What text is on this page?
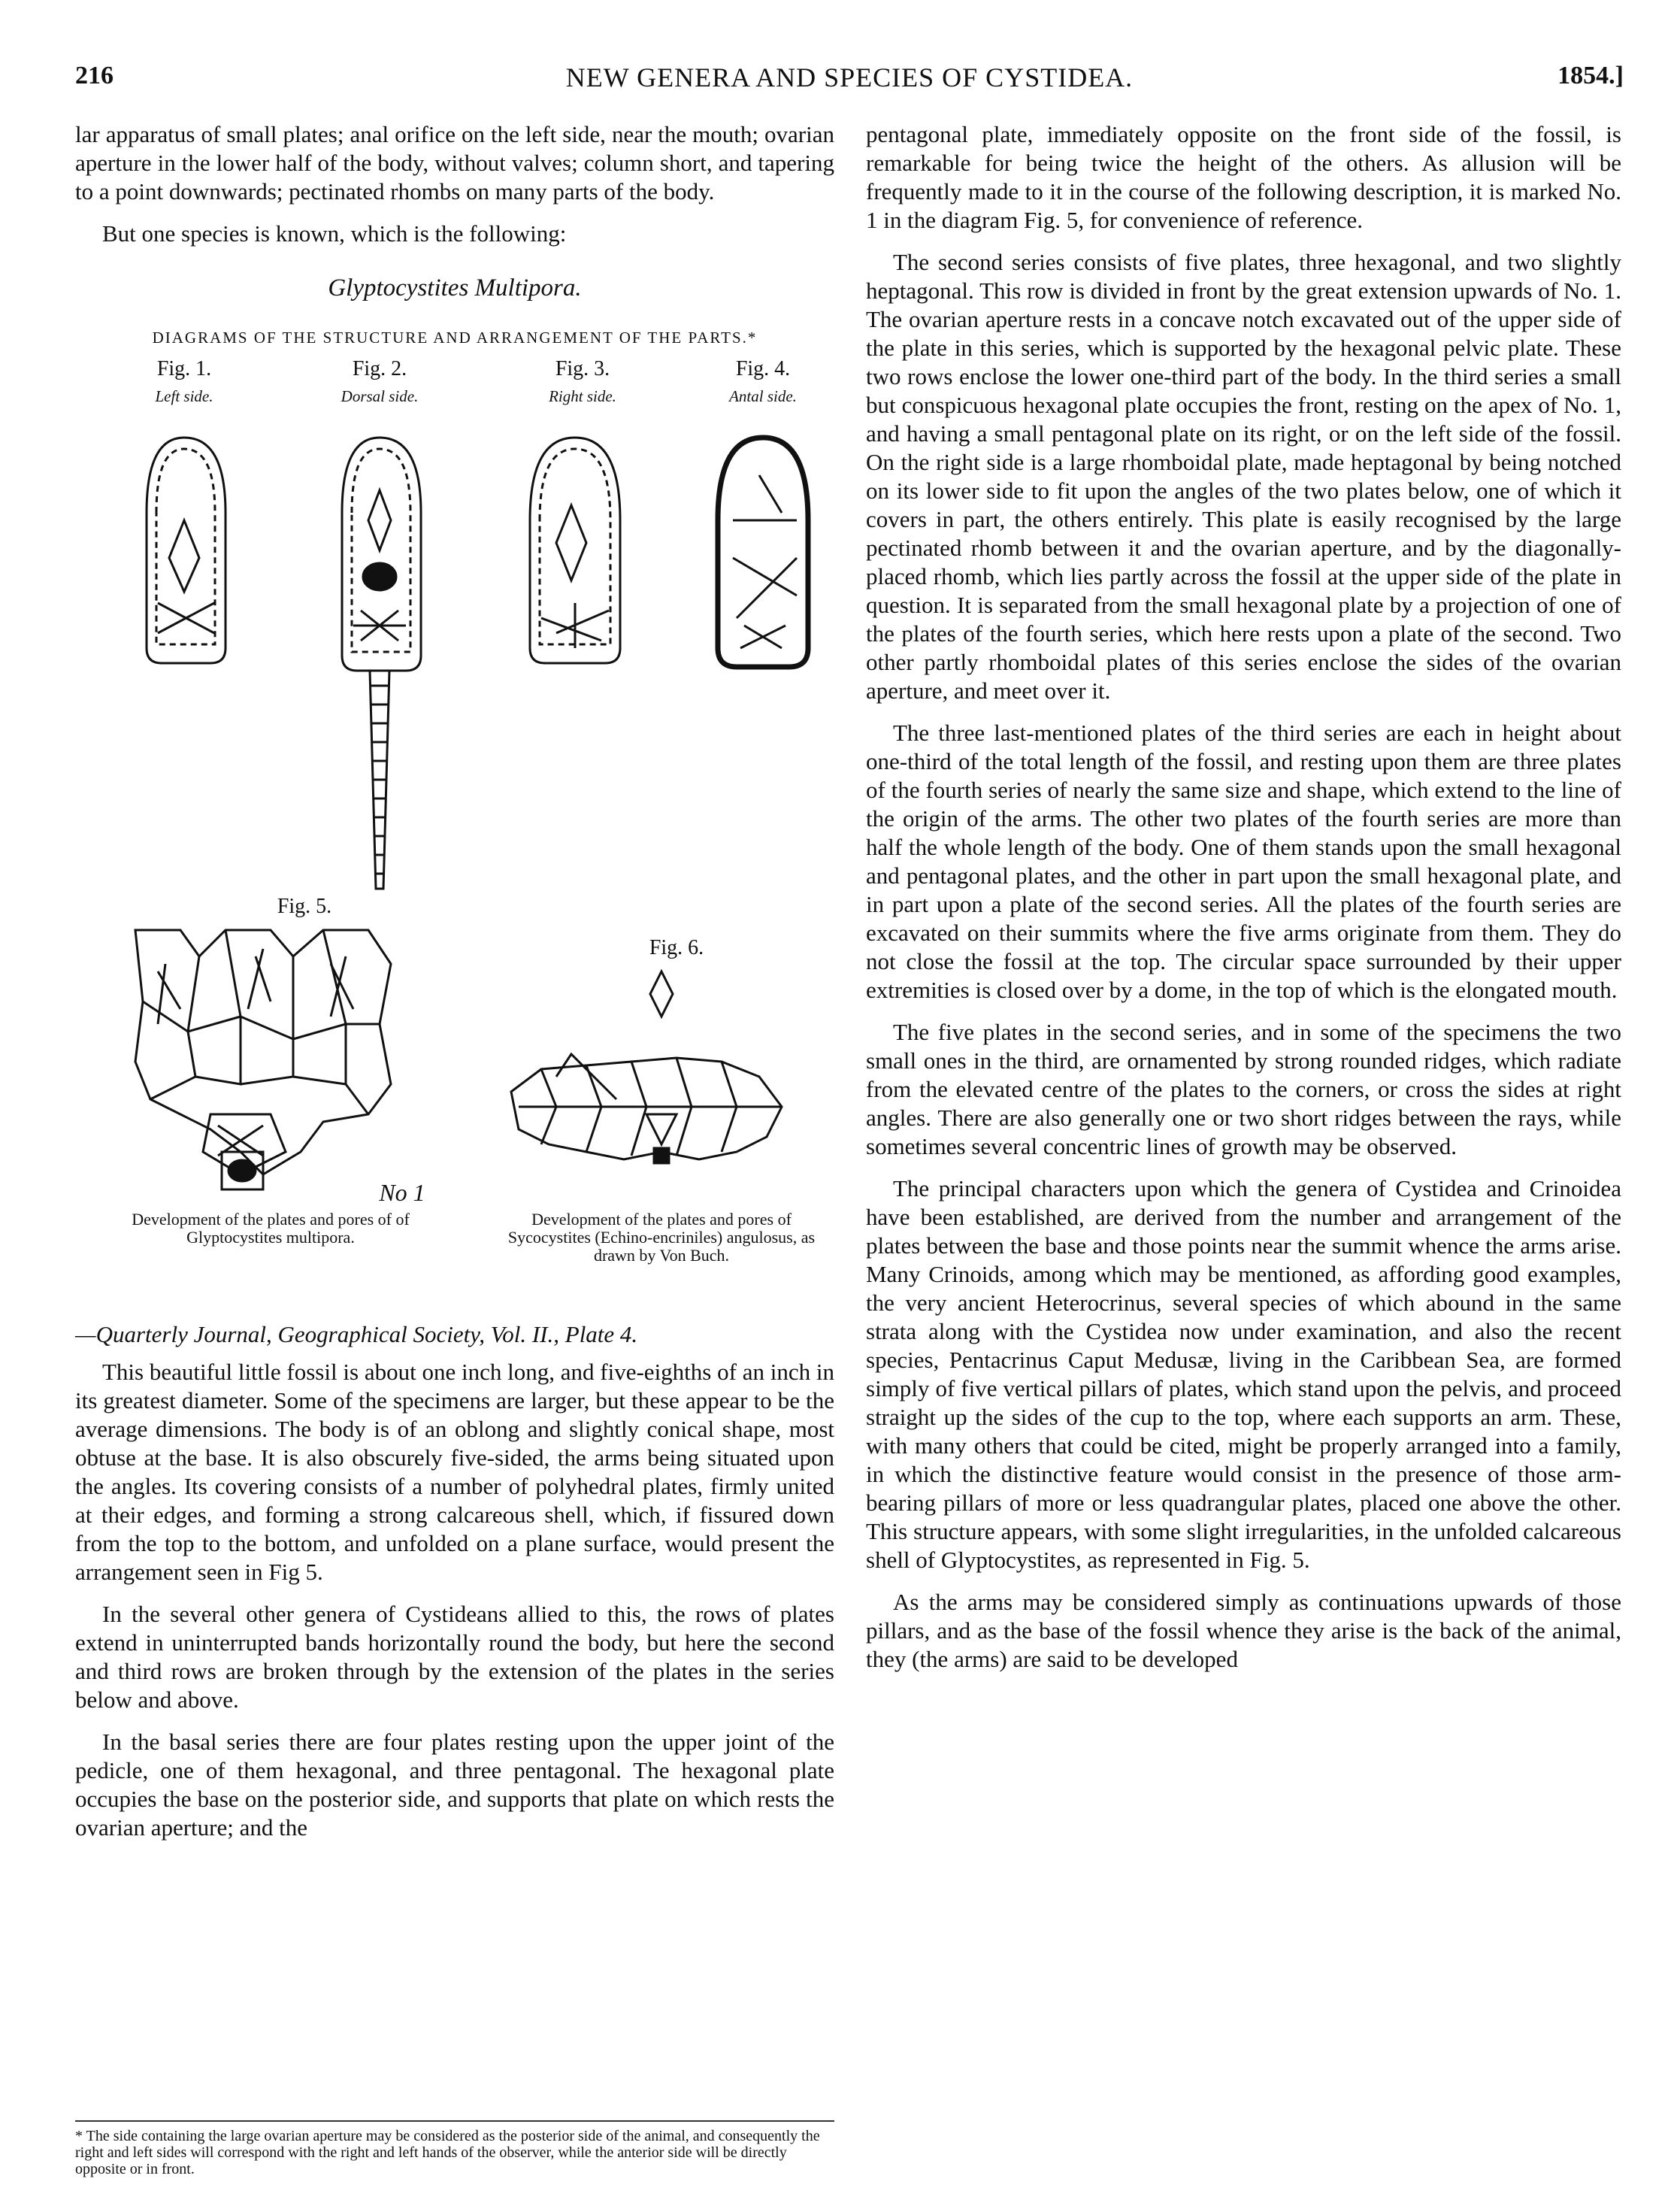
216	NEW GENERA AND SPECIES OF CYSTIDEA.	1854.]

lar apparatus of small plates; anal orifice on the left side, near the mouth; ovarian aperture in the lower half of the body, without valves; column short, and tapering to a point downwards; pectinated rhombs on many parts of the body.

But one species is known, which is the following:

Glyptocystites Multipora.
DIAGRAMS OF THE STRUCTURE AND ARRANGEMENT OF THE PARTS.*
Fig. 1.
Left side.
Fig. 2.
Dorsal side.
Fig. 3.
Right side.
Fig. 4.
Antal side.
Fig. 5.
Fig. 6.
No 1
Development of the plates and pores of of Glyptocystites multipora.
Development of the plates and pores of Sycocystites (Echino-encriniles) angulosus, as drawn by Von Buch.
—Quarterly Journal, Geographical Society, Vol. II., Plate 4.

This beautiful little fossil is about one inch long, and five-eighths of an inch in its greatest diameter. Some of the specimens are larger, but these appear to be the average dimensions. The body is of an oblong and slightly conical shape, most obtuse at the base. It is also obscurely five-sided, the arms being situated upon the angles. Its covering consists of a number of polyhedral plates, firmly united at their edges, and forming a strong calcareous shell, which, if fissured down from the top to the bottom, and unfolded on a plane surface, would present the arrangement seen in Fig 5.

In the several other genera of Cystideans allied to this, the rows of plates extend in uninterrupted bands horizontally round the body, but here the second and third rows are broken through by the extension of the plates in the series below and above.

In the basal series there are four plates resting upon the upper joint of the pedicle, one of them hexagonal, and three pentagonal. The hexagonal plate occupies the base on the posterior side, and supports that plate on which rests the ovarian aperture; and the

* The side containing the large ovarian aperture may be considered as the posterior side of the animal, and consequently the right and left sides will correspond with the right and left hands of the observer, while the anterior side will be directly opposite or in front.

pentagonal plate, immediately opposite on the front side of the fossil, is remarkable for being twice the height of the others. As allusion will be frequently made to it in the course of the following description, it is marked No. 1 in the diagram Fig. 5, for convenience of reference.

The second series consists of five plates, three hexagonal, and two slightly heptagonal. This row is divided in front by the great extension upwards of No. 1. The ovarian aperture rests in a concave notch excavated out of the upper side of the plate in this series, which is supported by the hexagonal pelvic plate. These two rows enclose the lower one-third part of the body. In the third series a small but conspicuous hexagonal plate occupies the front, resting on the apex of No. 1, and having a small pentagonal plate on its right, or on the left side of the fossil. On the right side is a large rhomboidal plate, made heptagonal by being notched on its lower side to fit upon the angles of the two plates below, one of which it covers in part, the others entirely. This plate is easily recognised by the large pectinated rhomb between it and the ovarian aperture, and by the diagonally-placed rhomb, which lies partly across the fossil at the upper side of the plate in question. It is separated from the small hexagonal plate by a projection of one of the plates of the fourth series, which here rests upon a plate of the second. Two other partly rhomboidal plates of this series enclose the sides of the ovarian aperture, and meet over it.

The three last-mentioned plates of the third series are each in height about one-third of the total length of the fossil, and resting upon them are three plates of the fourth series of nearly the same size and shape, which extend to the line of the origin of the arms. The other two plates of the fourth series are more than half the whole length of the body. One of them stands upon the small hexagonal and pentagonal plates, and the other in part upon the small hexagonal plate, and in part upon a plate of the second series. All the plates of the fourth series are excavated on their summits where the five arms originate from them. They do not close the fossil at the top. The circular space surrounded by their upper extremities is closed over by a dome, in the top of which is the elongated mouth.

The five plates in the second series, and in some of the specimens the two small ones in the third, are ornamented by strong rounded ridges, which radiate from the elevated centre of the plates to the corners, or cross the sides at right angles. There are also generally one or two short ridges between the rays, while sometimes several concentric lines of growth may be observed.

The principal characters upon which the genera of Cystidea and Crinoidea have been established, are derived from the number and arrangement of the plates between the base and those points near the summit whence the arms arise. Many Crinoids, among which may be mentioned, as affording good examples, the very ancient Heterocrinus, several species of which abound in the same strata along with the Cystidea now under examination, and also the recent species, Pentacrinus Caput Medusæ, living in the Caribbean Sea, are formed simply of five vertical pillars of plates, which stand upon the pelvis, and proceed straight up the sides of the cup to the top, where each supports an arm. These, with many others that could be cited, might be properly arranged into a family, in which the distinctive feature would consist in the presence of those arm-bearing pillars of more or less quadrangular plates, placed one above the other. This structure appears, with some slight irregularities, in the unfolded calcareous shell of Glyptocystites, as represented in Fig. 5.

As the arms may be considered simply as continuations upwards of those pillars, and as the base of the fossil whence they arise is the back of the animal, they (the arms) are said to be developed
